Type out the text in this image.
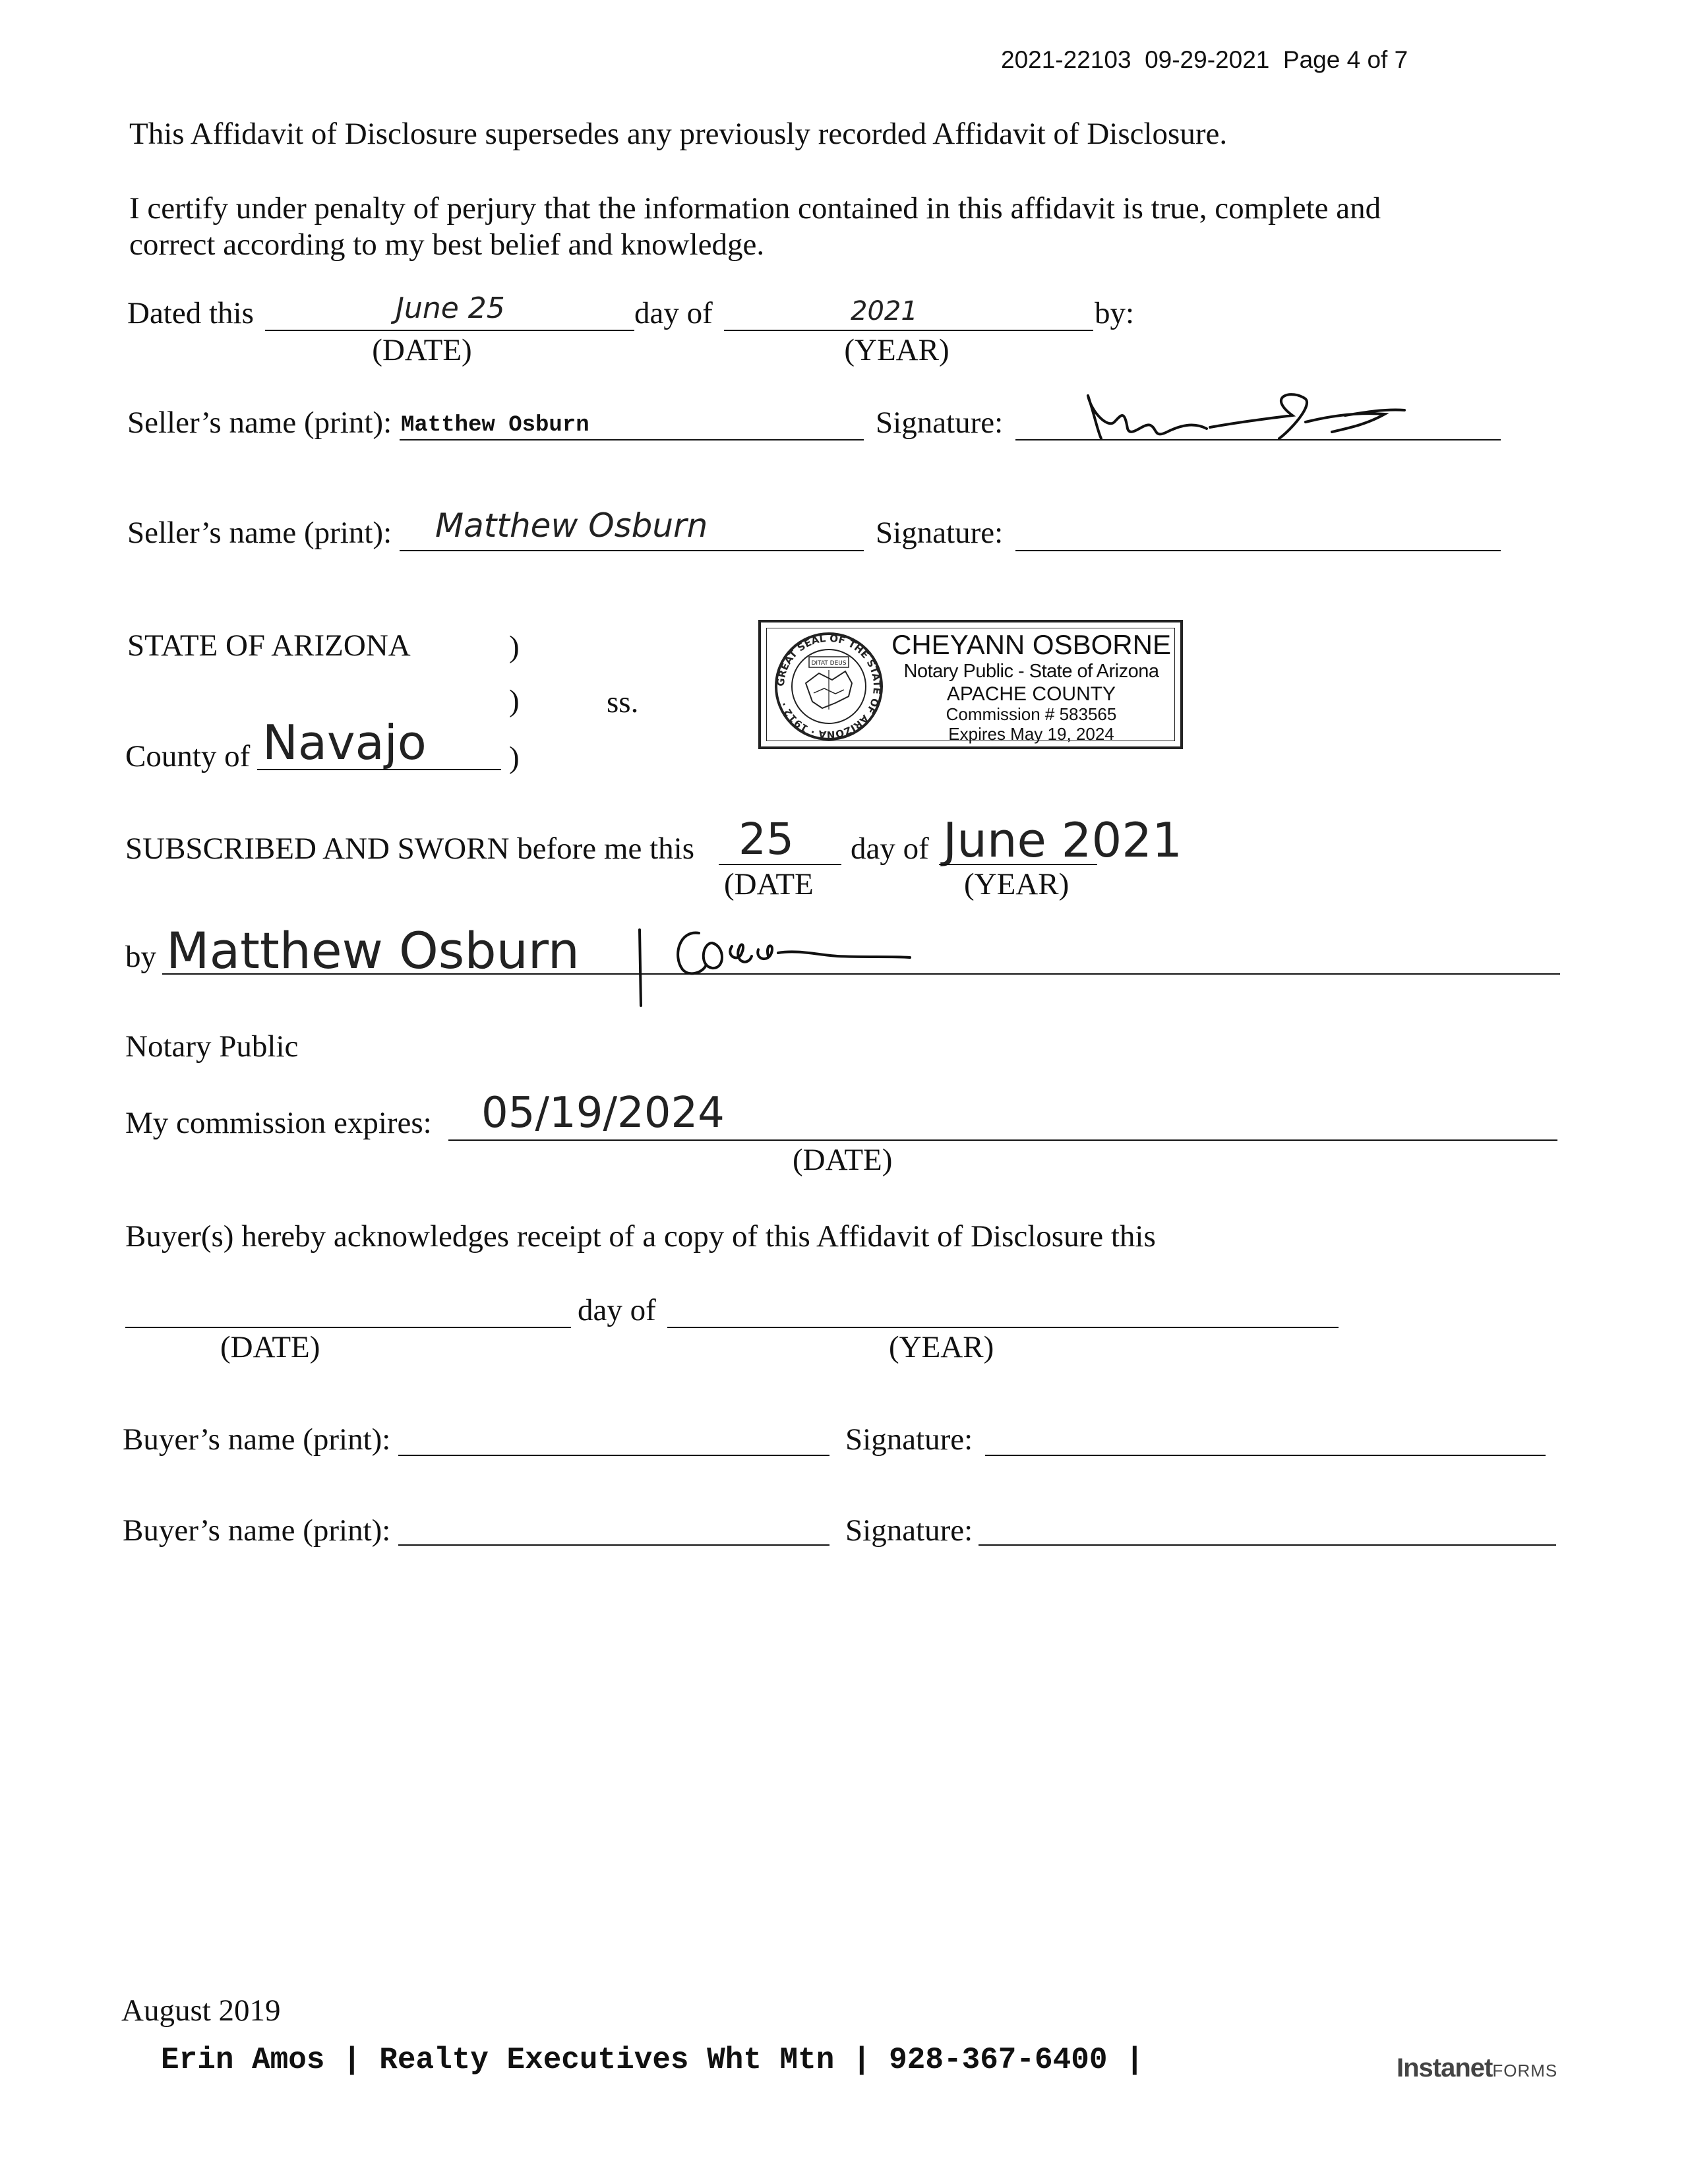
2021-22103  09-29-2021  Page 4 of 7
This Affidavit of Disclosure supersedes any previously recorded Affidavit of Disclosure.
I certify under penalty of perjury that the information contained in this affidavit is true, complete and
correct according to my best belief and knowledge.
Dated this	June 25	day of	2021	by:
(DATE)	(YEAR)
Seller’s name (print): Matthew Osburn	Signature:
Seller’s name (print): Matthew Osburn	Signature:
STATE OF ARIZONA	)
)	ss.
County of Navajo	)
GREAT SEAL OF THE STATE OF ARIZONA · 1912 ·
DITAT DEUS
CHEYANN OSBORNE
Notary Public - State of Arizona
APACHE COUNTY
Commission # 583565
Expires May 19, 2024
SUBSCRIBED AND SWORN before me this 25 day of June 2021
(DATE	(YEAR)
by Matthew Osburn
Notary Public
My commission expires: 05/19/2024
(DATE)
Buyer(s) hereby acknowledges receipt of a copy of this Affidavit of Disclosure this
day of
(DATE)	(YEAR)
Buyer’s name (print):	Signature:
Buyer’s name (print):	Signature:
August 2019
Erin Amos | Realty Executives Wht Mtn | 928-367-6400 |	InstanetFORMS
